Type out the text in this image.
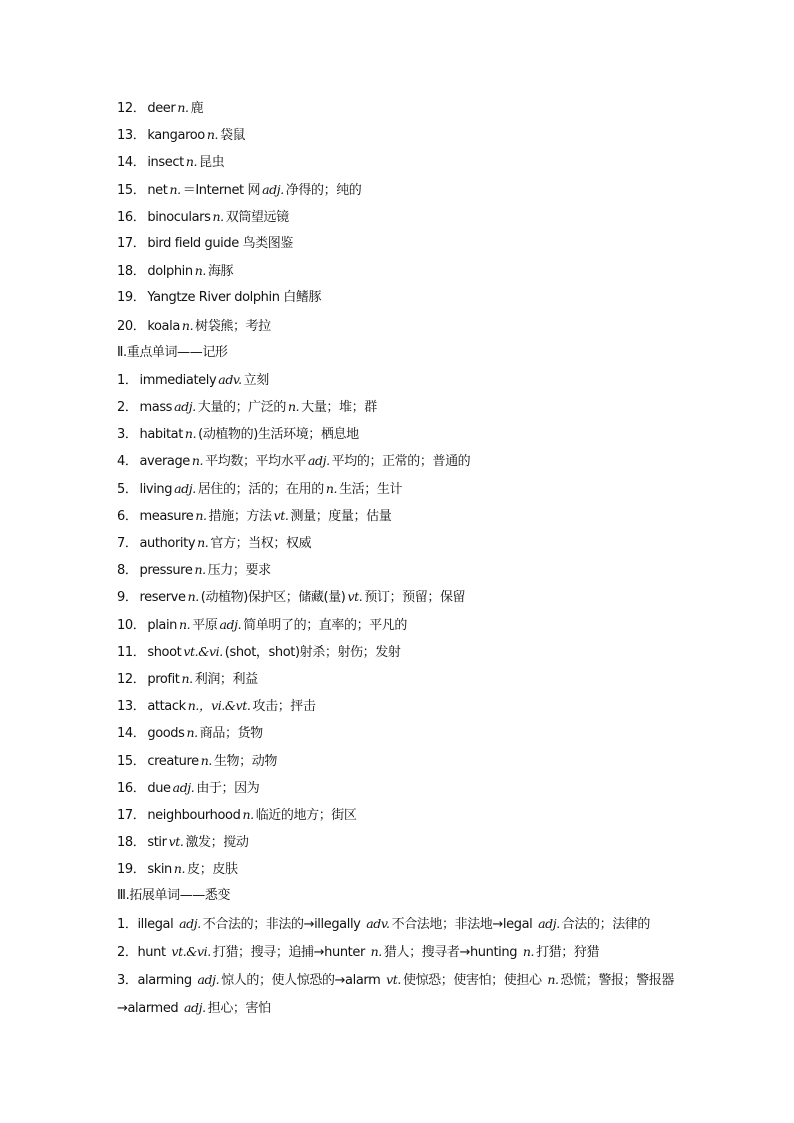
12． deer n. 鹿
13． kangaroo n. 袋鼠
14． insect n. 昆虫
15． net n. ＝Internet 网 adj. 净得的；纯的
16． binoculars n. 双筒望远镜
17． bird field guide 鸟类图鉴
18． dolphin n. 海豚
19． Yangtze River dolphin 白鳍豚
20． koala n. 树袋熊；考拉
Ⅱ.重点单词——记形
1． immediately adv. 立刻
2． mass adj. 大量的；广泛的 n. 大量；堆；群
3． habitat n. (动植物的)生活环境；栖息地
4． average n. 平均数；平均水平 adj. 平均的；正常的；普通的
5． living adj. 居住的；活的；在用的 n. 生活；生计
6． measure n. 措施；方法 vt. 测量；度量；估量
7． authority n. 官方；当权；权威
8． pressure n. 压力；要求
9． reserve n. (动植物)保护区；储藏(量) vt. 预订；预留；保留
10． plain n. 平原 adj. 简单明了的；直率的；平凡的
11． shoot vt.&vi. (shot，shot)射杀；射伤；发射
12． profit n. 利润；利益
13． attack n.，vi.&vt. 攻击；抨击
14． goods n. 商品；货物
15． creature n. 生物；动物
16． due adj. 由于；因为
17． neighbourhood n. 临近的地方；街区
18． stir vt. 激发；搅动
19． skin n. 皮；皮肤
Ⅲ.拓展单词——悉变
1．illegal adj. 不合法的；非法的→illegally adv. 不合法地；非法地→legal adj. 合法的；法律的
2．hunt vt.&vi. 打猎；搜寻；追捕→hunter n. 猎人；搜寻者→hunting n. 打猎；狩猎
3．alarming adj. 惊人的；使人惊恐的→alarm vt. 使惊恐；使害怕；使担心 n. 恐慌；警报；警报器→alarmed adj. 担心；害怕
